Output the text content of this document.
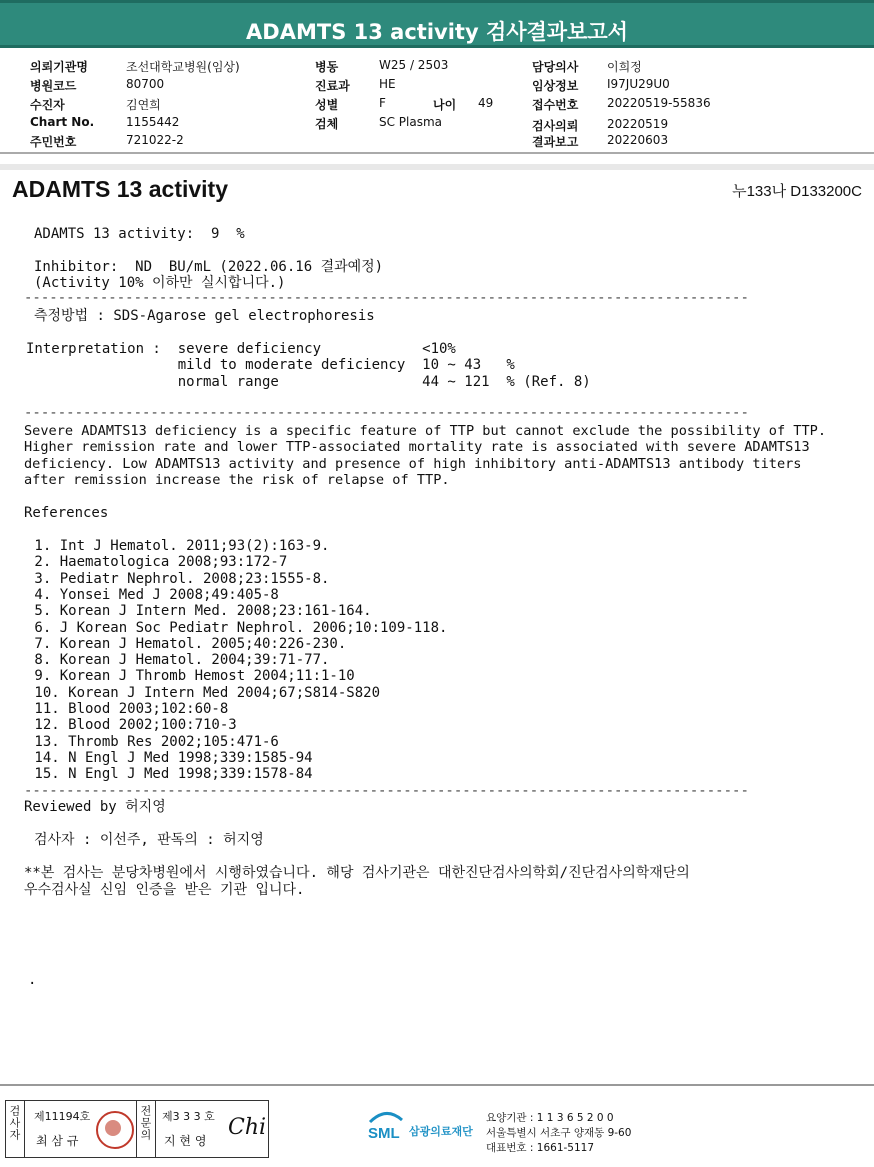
ADAMTS 13 activity 검사결과보고서
의뢰기관명	조선대학교병원(임상)
병원코드	80700
수진자	김연희
Chart No.	1155442
주민번호	721022-2
병동	W25 / 2503
진료과 HE
성별	F
검체	SC Plasma
담당의사 이희정
임상정보 I97JU29U0
접수번호 20220519-55836
검사의뢰 20220519
결과보고 20220603
나이 49
ADAMTS 13 activity	누133나 D133200C
ADAMTS 13 activity:  9  %
Inhibitor:  ND  BU/mL (2022.06.16 결과예정)
(Activity 10% 이하만 실시합니다.)
--------------------------------------------------------------------------------------
측정방법 : SDS-Agarose gel electrophoresis
Interpretation :  severe deficiency            <10%
mild to moderate deficiency  10 ~ 43   %
normal range                 44 ~ 121  % (Ref. 8)
--------------------------------------------------------------------------------------
Severe ADAMTS13 deficiency is a specific feature of TTP but cannot exclude the possibility of TTP.
Higher remission rate and lower TTP-associated mortality rate is associated with severe ADAMTS13
deficiency. Low ADAMTS13 activity and presence of high inhibitory anti-ADAMTS13 antibody titers
after remission increase the risk of relapse of TTP.
References
1. Int J Hematol. 2011;93(2):163-9.
2. Haematologica 2008;93:172-7
3. Pediatr Nephrol. 2008;23:1555-8.
4. Yonsei Med J 2008;49:405-8
5. Korean J Intern Med. 2008;23:161-164.
6. J Korean Soc Pediatr Nephrol. 2006;10:109-118.
7. Korean J Hematol. 2005;40:226-230.
8. Korean J Hematol. 2004;39:71-77.
9. Korean J Thromb Hemost 2004;11:1-10
10. Korean J Intern Med 2004;67;S814-S820
11. Blood 2003;102:60-8
12. Blood 2002;100:710-3
13. Thromb Res 2002;105:471-6
14. N Engl J Med 1998;339:1585-94
15. N Engl J Med 1998;339:1578-84
--------------------------------------------------------------------------------------
Reviewed by 허지영
검사자 : 이선주, 판독의 : 허지영
**본 검사는 분당차병원에서 시행하였습니다. 해당 검사기관은 대한진단검사의학회/진단검사의학재단의
우수검사실 신임 인증을 받은 기관 입니다.
.
검사자 제11194호
최 삼 규	전문의 제3 3 3 호
지 현 영
Chi	SML 삼광의료재단
요양기관 : 1 1 3 6 5 2 0 0
서울특별시 서초구 양재동 9-60
대표번호 : 1661-5117
